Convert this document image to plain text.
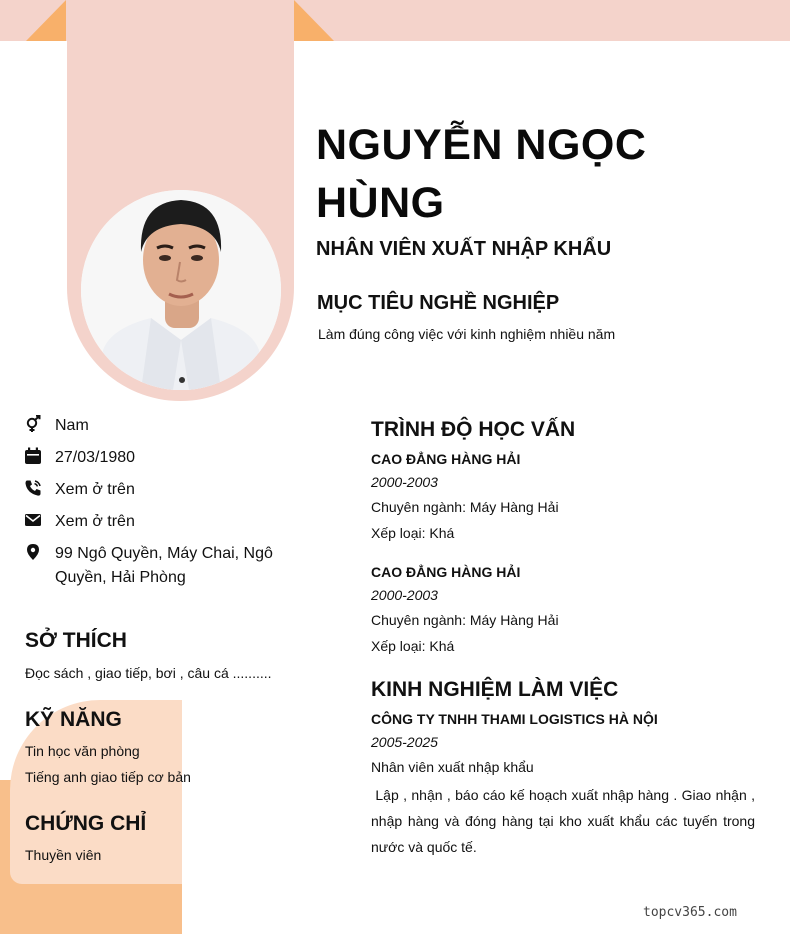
NGUYỄN NGỌC HÙNG
NHÂN VIÊN XUẤT NHẬP KHẨU
MỤC TIÊU NGHỀ NGHIỆP
Làm đúng công việc với kinh nghiệm nhiều năm
Nam
27/03/1980
Xem ở trên
Xem ở trên
99 Ngô Quyền, Máy Chai, Ngô Quyền, Hải Phòng
SỞ THÍCH
Đọc sách , giao tiếp, bơi , câu cá ..........
KỸ NĂNG
Tin học văn phòng
Tiếng anh giao tiếp cơ bản
CHỨNG CHỈ
Thuyền viên
TRÌNH ĐỘ HỌC VẤN
CAO ĐẲNG HÀNG HẢI
2000-2003
Chuyên ngành: Máy Hàng Hải
Xếp loại: Khá
CAO ĐẲNG HÀNG HẢI
2000-2003
Chuyên ngành: Máy Hàng Hải
Xếp loại: Khá
KINH NGHIỆM LÀM VIỆC
CÔNG TY TNHH THAMI LOGISTICS HÀ NỘI
2005-2025
Nhân viên xuất nhập khẩu
Lập , nhận , báo cáo kế hoạch xuất nhập hàng . Giao nhận , nhập hàng và đóng hàng tại kho xuất khẩu các tuyến trong nước và quốc tế.
topcv365.com
